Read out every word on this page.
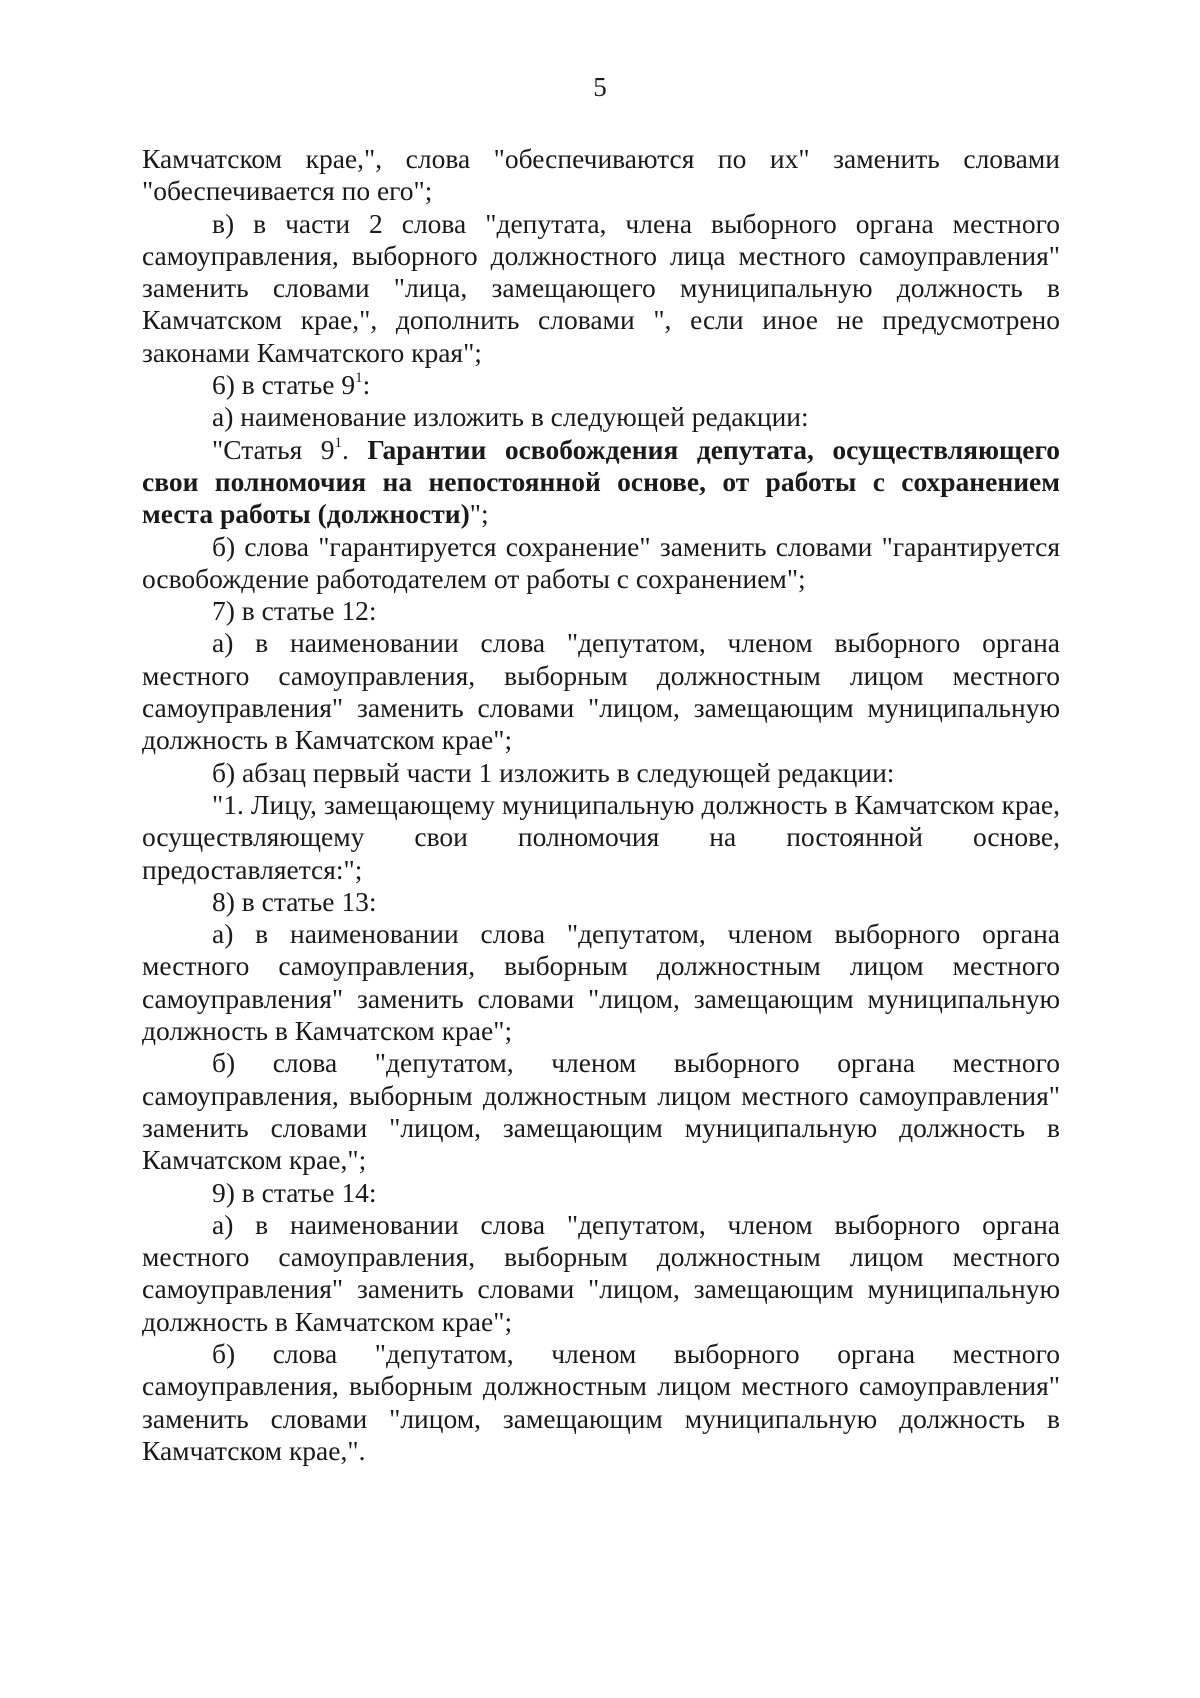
5

Камчатском крае,", слова "обеспечиваются по их" заменить словами "обеспечивается по его";

в) в части 2 слова "депутата, члена выборного органа местного самоуправления, выборного должностного лица местного самоуправления" заменить словами "лица, замещающего муниципальную должность в Камчатском крае,", дополнить словами ", если иное не предусмотрено законами Камчатского края";

6) в статье $9^1$:

а) наименование изложить в следующей редакции:

"Статья $9^1$. Гарантии освобождения депутата, осуществляющего свои полномочия на непостоянной основе, от работы с сохранением места работы (должности)";

б) слова "гарантируется сохранение" заменить словами "гарантируется освобождение работодателем от работы с сохранением";

7) в статье 12:

а) в наименовании слова "депутатом, членом выборного органа местного самоуправления, выборным должностным лицом местного самоуправления" заменить словами "лицом, замещающим муниципальную должность в Камчатском крае";

б) абзац первый части 1 изложить в следующей редакции:

"1. Лицу, замещающему муниципальную должность в Камчатском крае, осуществляющему свои полномочия на постоянной основе, предоставляется:";

8) в статье 13:

а) в наименовании слова "депутатом, членом выборного органа местного самоуправления, выборным должностным лицом местного самоуправления" заменить словами "лицом, замещающим муниципальную должность в Камчатском крае";

б) слова "депутатом, членом выборного органа местного самоуправления, выборным должностным лицом местного самоуправления" заменить словами "лицом, замещающим муниципальную должность в Камчатском крае,";

9) в статье 14:

а) в наименовании слова "депутатом, членом выборного органа местного самоуправления, выборным должностным лицом местного самоуправления" заменить словами "лицом, замещающим муниципальную должность в Камчатском крае";

б) слова "депутатом, членом выборного органа местного самоуправления, выборным должностным лицом местного самоуправления" заменить словами "лицом, замещающим муниципальную должность в Камчатском крае,".
